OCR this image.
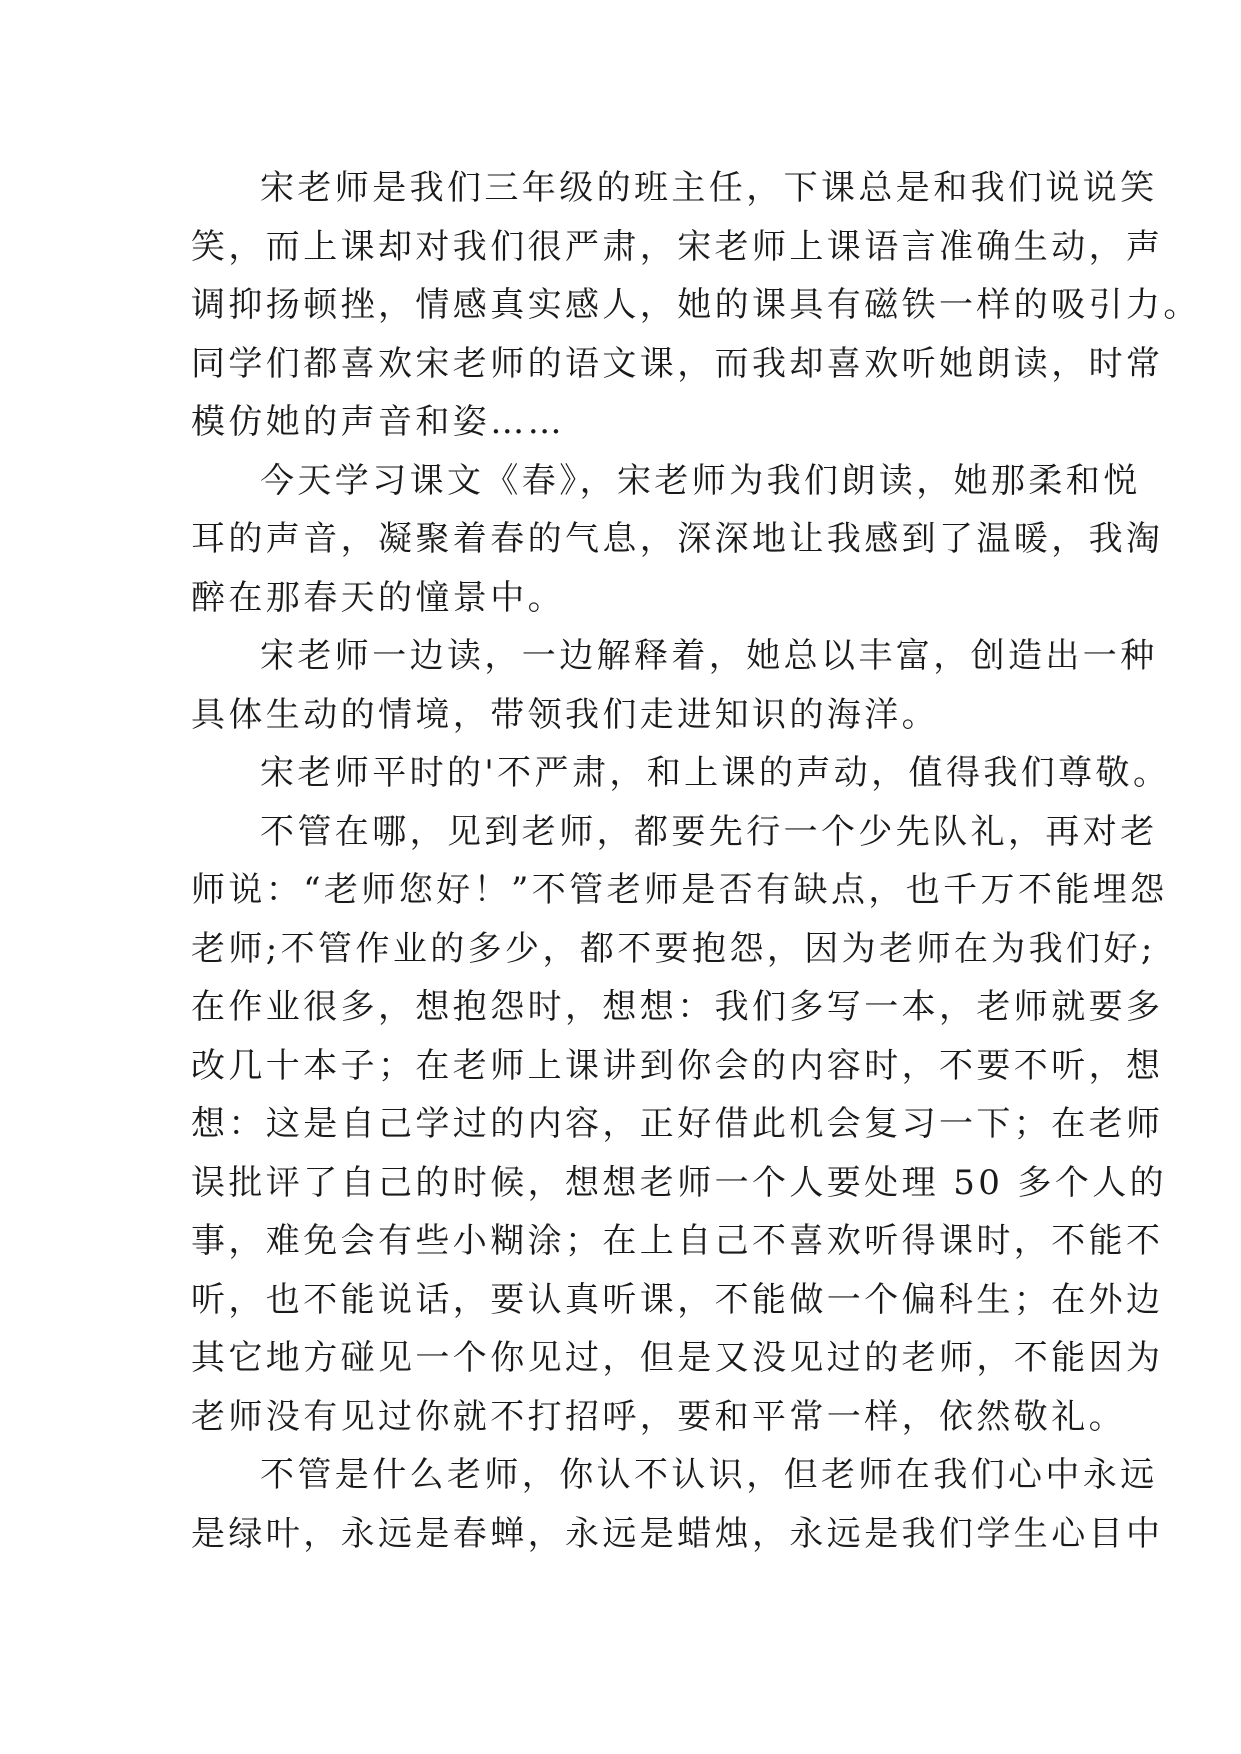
宋老师是我们三年级的班主任，下课总是和我们说说笑
笑，而上课却对我们很严肃，宋老师上课语言准确生动，声
调抑扬顿挫，情感真实感人，她的课具有磁铁一样的吸引力。
同学们都喜欢宋老师的语文课，而我却喜欢听她朗读，时常
模仿她的声音和姿……

今天学习课文《春》，宋老师为我们朗读，她那柔和悦
耳的声音，凝聚着春的气息，深深地让我感到了温暖，我淘
醉在那春天的憧景中。

宋老师一边读，一边解释着，她总以丰富，创造出一种
具体生动的情境，带领我们走进知识的海洋。

宋老师平时的'不严肃，和上课的声动，值得我们尊敬。

不管在哪，见到老师，都要先行一个少先队礼，再对老
师说：“老师您好！”不管老师是否有缺点，也千万不能埋怨
老师;不管作业的多少，都不要抱怨，因为老师在为我们好;
在作业很多，想抱怨时，想想：我们多写一本，老师就要多
改几十本子；在老师上课讲到你会的内容时，不要不听，想
想：这是自己学过的内容，正好借此机会复习一下；在老师
误批评了自己的时候，想想老师一个人要处理 50 多个人的
事，难免会有些小糊涂；在上自己不喜欢听得课时，不能不
听，也不能说话，要认真听课，不能做一个偏科生；在外边
其它地方碰见一个你见过，但是又没见过的老师，不能因为
老师没有见过你就不打招呼，要和平常一样，依然敬礼。

不管是什么老师，你认不认识，但老师在我们心中永远
是绿叶，永远是春蝉，永远是蜡烛，永远是我们学生心目中
